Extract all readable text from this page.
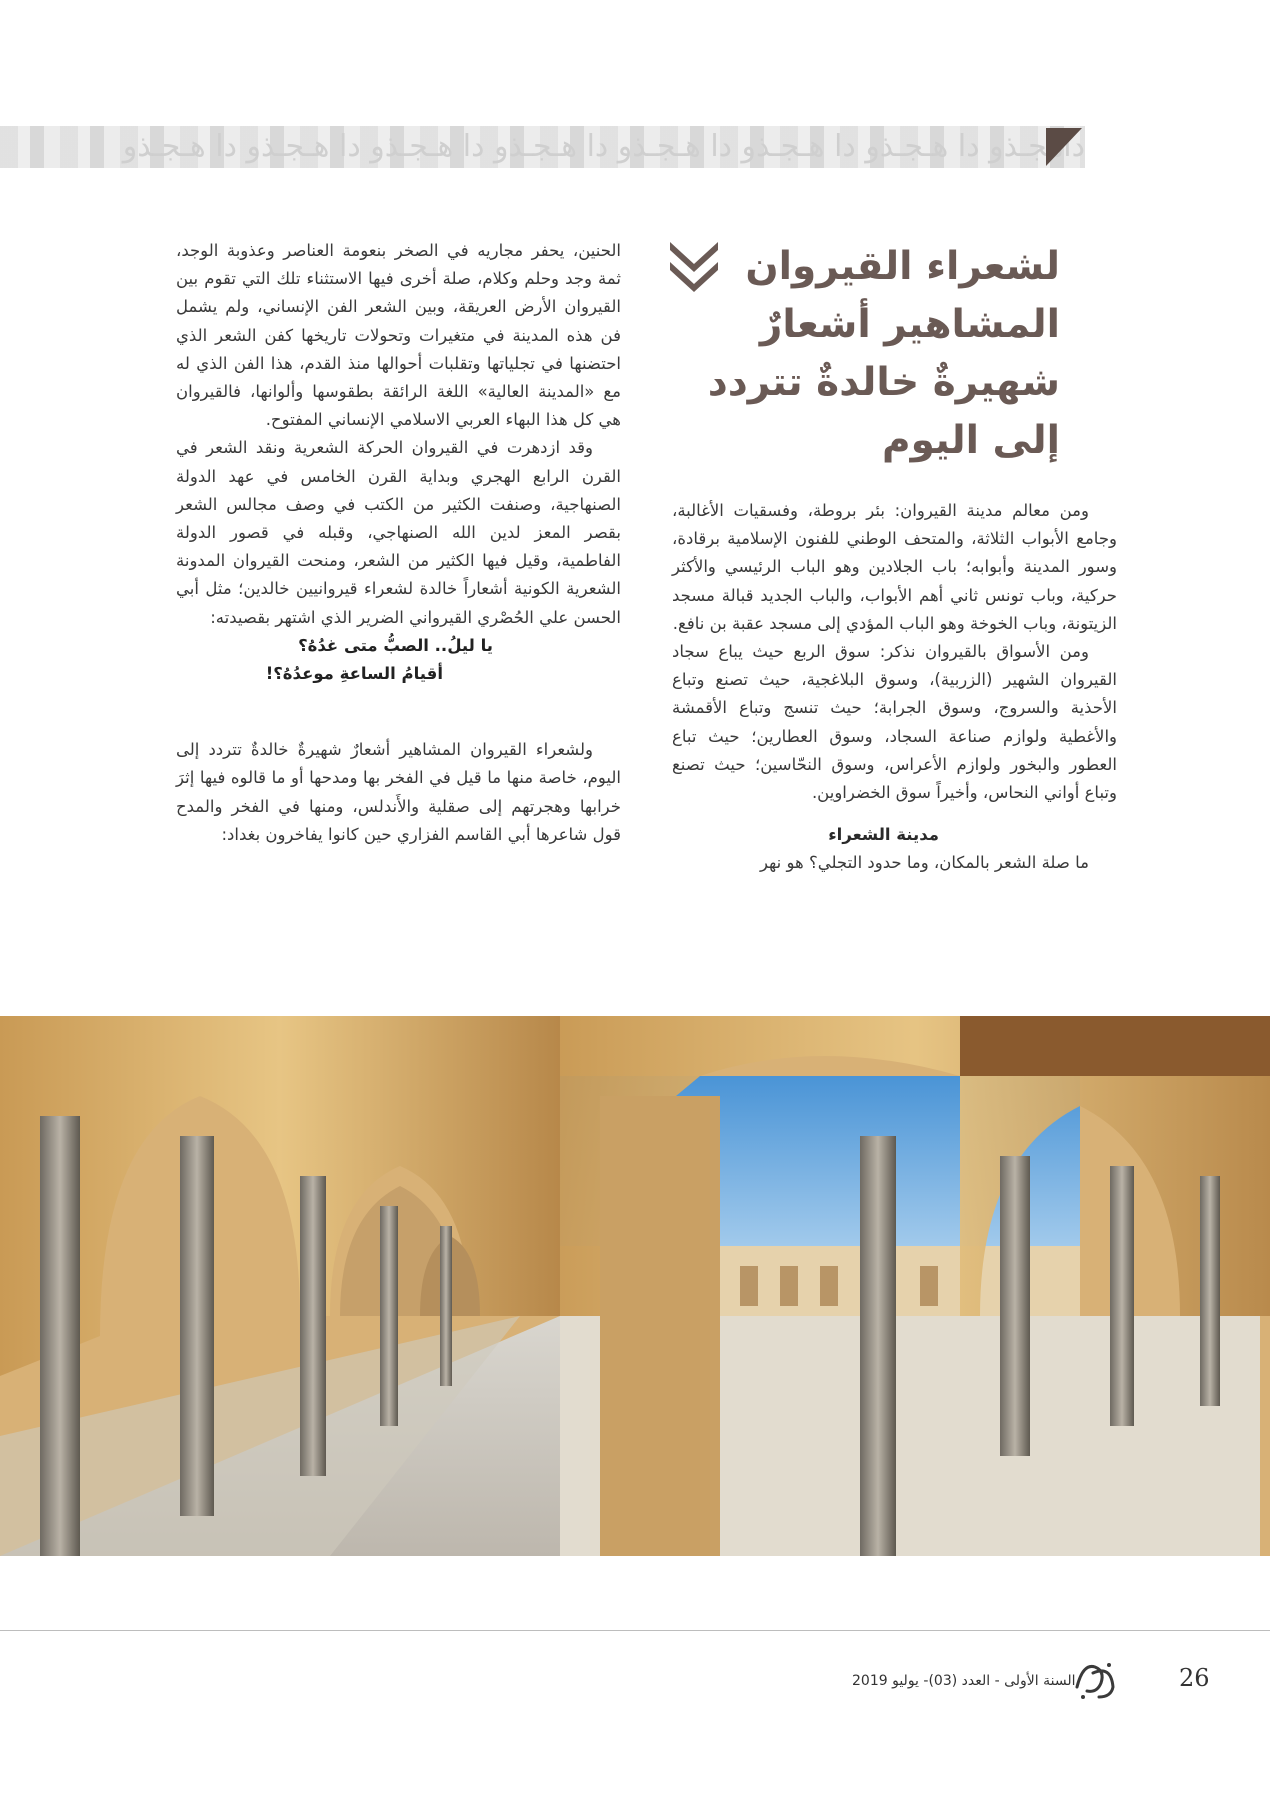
داهجـذو دا هـجـذو دا هـجـذو دا هـجـذو دا هـجـذو دا هـجـذو دا هـجـذو دا هـجـذو
لشعراء القيروان
المشاهير أشعارٌ
شهيرةٌ خالدةٌ تتردد
إلى اليوم

ومن معالم مدينة القيروان: بئر بروطة، وفسقيات الأغالبة، وجامع الأبواب الثلاثة، والمتحف الوطني للفنون الإسلامية برقادة، وسور المدينة وأبوابه؛ باب الجلادين وهو الباب الرئيسي والأكثر حركية، وباب تونس ثاني أهم الأبواب، والباب الجديد قبالة مسجد الزيتونة، وباب الخوخة وهو الباب المؤدي إلى مسجد عقبة بن نافع.

ومن الأسواق بالقيروان نذكر: سوق الربع حيث يباع سجاد القيروان الشهير (الزربية)، وسوق البلاغجية، حيث تصنع وتباع الأحذية والسروج، وسوق الجرابة؛ حيث تنسج وتباع الأقمشة والأغطية ولوازم صناعة السجاد، وسوق العطارين؛ حيث تباع العطور والبخور ولوازم الأعراس، وسوق النحّاسين؛ حيث تصنع وتباع أواني النحاس، وأخيراً سوق الخضراوين.

مدينة الشعراء

ما صلة الشعر بالمكان، وما حدود التجلي؟ هو نهر

الحنين، يحفر مجاريه في الصخر بنعومة العناصر وعذوبة الوجد، ثمة وجد وحلم وكلام، صلة أخرى فيها الاستثناء تلك التي تقوم بين القيروان الأرض العريقة، وبين الشعر الفن الإنساني، ولم يشمل فن هذه المدينة في متغيرات وتحولات تاريخها كفن الشعر الذي احتضنها في تجلياتها وتقلبات أحوالها منذ القدم، هذا الفن الذي له مع «المدينة العالية» اللغة الرائقة بطقوسها وألوانها، فالقيروان هي كل هذا البهاء العربي الاسلامي الإنساني المفتوح.

وقد ازدهرت في القيروان الحركة الشعرية ونقد الشعر في القرن الرابع الهجري وبداية القرن الخامس في عهد الدولة الصنهاجية، وصنفت الكثير من الكتب في وصف مجالس الشعر بقصر المعز لدين الله الصنهاجي، وقبله في قصور الدولة الفاطمية، وقيل فيها الكثير من الشعر، ومنحت القيروان المدونة الشعرية الكونية أشعاراً خالدة لشعراء قيروانيين خالدين؛ مثل أبي الحسن علي الحُصْري القيرواني الضرير الذي اشتهر بقصيدته:

يا ليلُ.. الصبُّ متى غدُهُ؟

أقيامُ الساعةِ موعدُهُ؟!

ولشعراء القيروان المشاهير أشعارٌ شهيرةٌ خالدةٌ تتردد إلى اليوم، خاصة منها ما قيل في الفخر بها ومدحها أو ما قالوه فيها إثرَ خرابها وهجرتهم إلى صقلية والأَندلس، ومنها في الفخر والمدح قول شاعرها أبي القاسم الفزاري حين كانوا يفاخرون بغداد:

26
السنة الأولى - العدد (03)- يوليو 2019
